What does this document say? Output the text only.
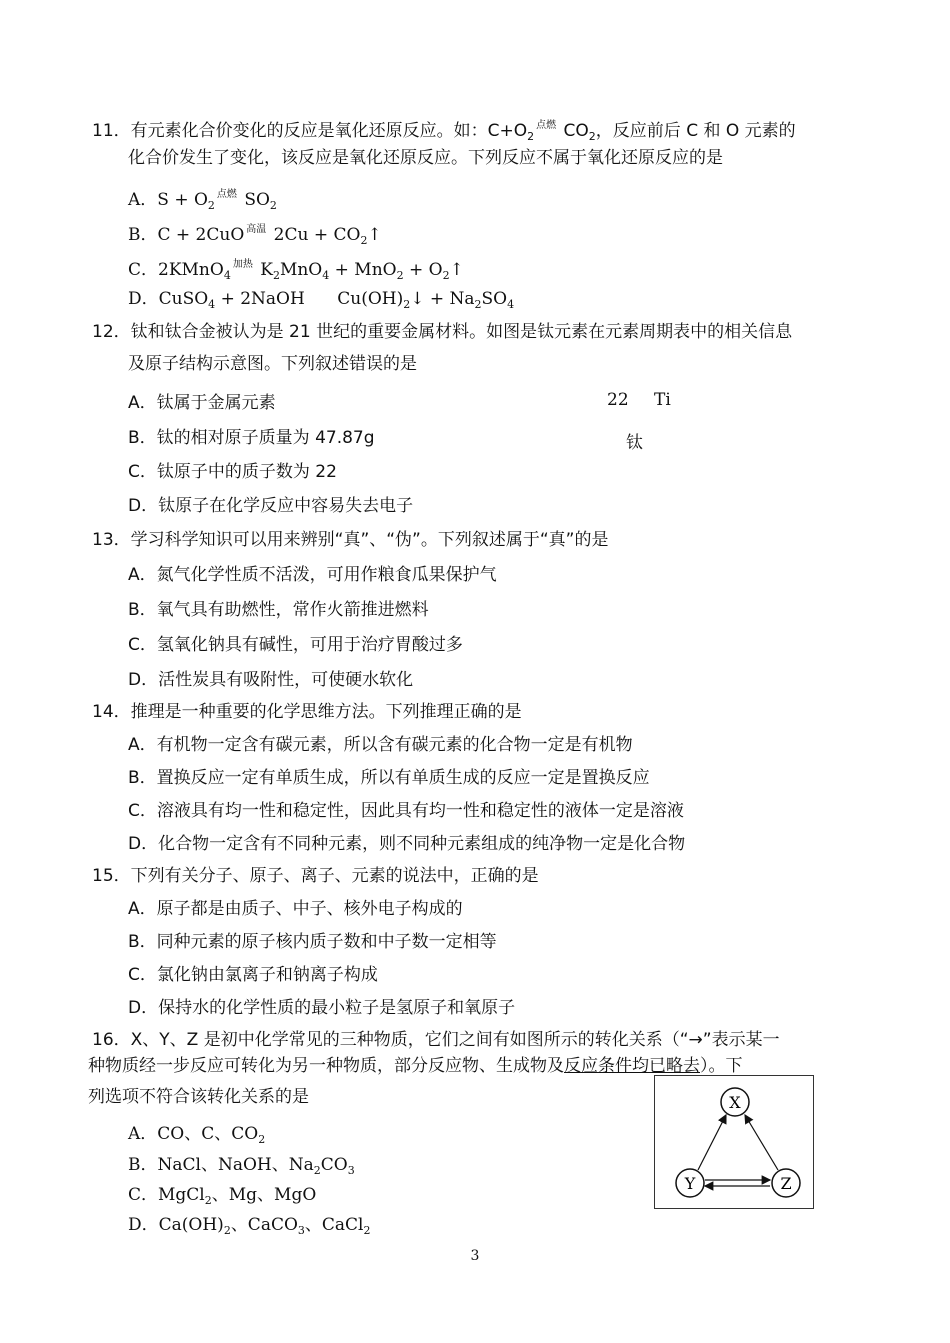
11．有元素化合价变化的反应是氧化还原反应。如：$C+O_2^{点燃}$ $CO_2$，反应前后 C 和 O 元素的
化合价发生了变化，该反应是氧化还原反应。下列反应不属于氧化还原反应的是
A．$S + O_2^{点燃}$ $SO_2$
B．C + 2CuO $^{高温}$ $2Cu + CO_2↑$
C．2KMnO$_4^{加热}$ $K_2MnO_4 + MnO_2$ + $O_2↑$
D．CuSO$_4$ + 2NaOH      $Cu(OH)_2↓ + Na_2SO_4$
12．钛和钛合金被认为是 21 世纪的重要金属材料。如图是钛元素在元素周期表中的相关信息
及原子结构示意图。下列叙述错误的是
A．钛属于金属元素
B．钛的相对原子质量为 47.87g
C．钛原子中的质子数为 22
D．钛原子在化学反应中容易失去电子
22 Ti
钛
13．学习科学知识可以用来辨别“真”、“伪”。下列叙述属于“真”的是
A．氮气化学性质不活泼，可用作粮食瓜果保护气
B．氧气具有助燃性，常作火箭推进燃料
C．氢氧化钠具有碱性，可用于治疗胃酸过多
D．活性炭具有吸附性，可使硬水软化
14．推理是一种重要的化学思维方法。下列推理正确的是
A．有机物一定含有碳元素，所以含有碳元素的化合物一定是有机物
B．置换反应一定有单质生成，所以有单质生成的反应一定是置换反应
C．溶液具有均一性和稳定性，因此具有均一性和稳定性的液体一定是溶液
D．化合物一定含有不同种元素，则不同种元素组成的纯净物一定是化合物
15．下列有关分子、原子、离子、元素的说法中，正确的是
A．原子都是由质子、中子、核外电子构成的
B．同种元素的原子核内质子数和中子数一定相等
C．氯化钠由氯离子和钠离子构成
D．保持水的化学性质的最小粒子是氢原子和氧原子
16．X、Y、Z 是初中化学常见的三种物质，它们之间有如图所示的转化关系（“→”表示某一
种物质经一步反应可转化为另一种物质，部分反应物、生成物及反应条件均已略去）。下
列选项不符合该转化关系的是
A．CO、C、$CO_2$
B．NaCl、NaOH、$Na_2CO_3$
C．MgCl$_2$、Mg、MgO
D．$Ca(OH)_2$、CaCO$_3$、CaCl$_2$
X
Y	Z
3
